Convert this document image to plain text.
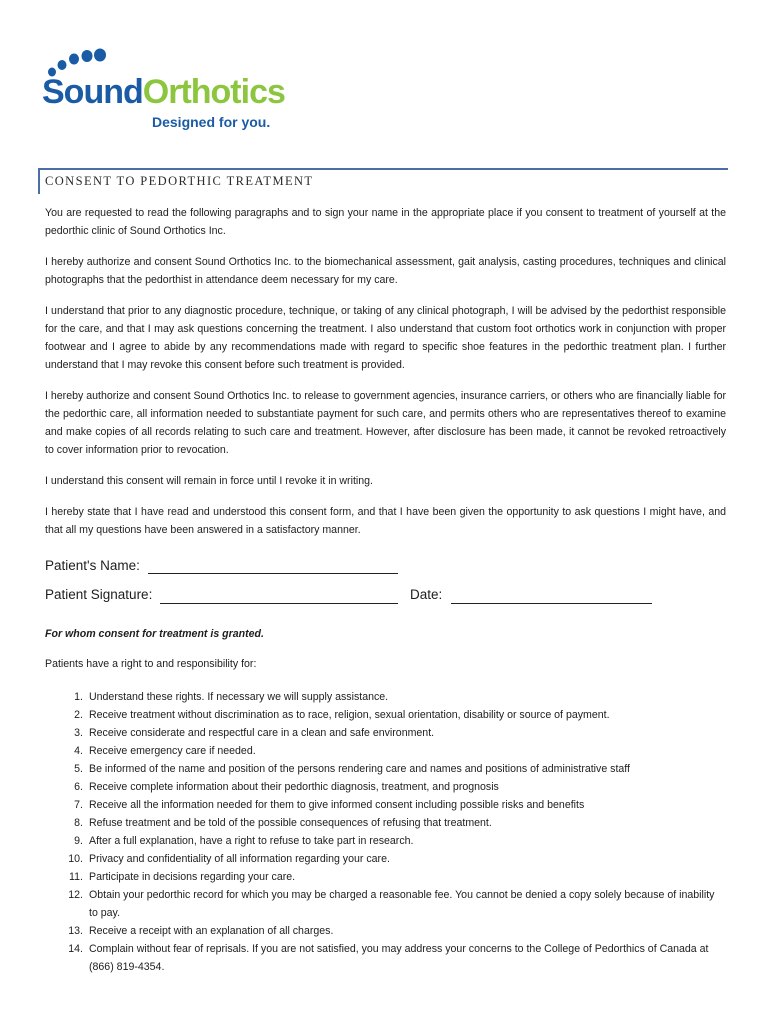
SoundOrthotics
Designed for you.
CONSENT TO PEDORTHIC TREATMENT

You are requested to read the following paragraphs and to sign your name in the appropriate place if you consent to treatment of yourself at the pedorthic clinic of Sound Orthotics Inc.

I hereby authorize and consent Sound Orthotics Inc. to the biomechanical assessment, gait analysis, casting procedures, techniques and clinical photographs that the pedorthist in attendance deem necessary for my care.

I understand that prior to any diagnostic procedure, technique, or taking of any clinical photograph, I will be advised by the pedorthist responsible for the care, and that I may ask questions concerning the treatment. I also understand that custom foot orthotics work in conjunction with proper footwear and I agree to abide by any recommendations made with regard to specific shoe features in the pedorthic treatment plan. I further understand that I may revoke this consent before such treatment is provided.

I hereby authorize and consent Sound Orthotics Inc. to release to government agencies, insurance carriers, or others who are financially liable for the pedorthic care, all information needed to substantiate payment for such care, and permits others who are representatives thereof to examine and make copies of all records relating to such care and treatment. However, after disclosure has been made, it cannot be revoked retroactively to cover information prior to revocation.

I understand this consent will remain in force until I revoke it in writing.

I hereby state that I have read and understood this consent form, and that I have been given the opportunity to ask questions I might have, and that all my questions have been answered in a satisfactory manner.

Patient's Name:
Patient Signature:	Date:
For whom consent for treatment is granted.
Patients have a right to and responsibility for:
1. Understand these rights. If necessary we will supply assistance.
2. Receive treatment without discrimination as to race, religion, sexual orientation, disability or source of payment.
3. Receive considerate and respectful care in a clean and safe environment.
4. Receive emergency care if needed.
5. Be informed of the name and position of the persons rendering care and names and positions of administrative staff
6. Receive complete information about their pedorthic diagnosis, treatment, and prognosis
7. Receive all the information needed for them to give informed consent including possible risks and benefits
8. Refuse treatment and be told of the possible consequences of refusing that treatment.
9. After a full explanation, have a right to refuse to take part in research.
10. Privacy and confidentiality of all information regarding your care.
11. Participate in decisions regarding your care.
12. Obtain your pedorthic record for which you may be charged a reasonable fee. You cannot be denied a copy solely because of inability to pay.
13. Receive a receipt with an explanation of all charges.
14. Complain without fear of reprisals. If you are not satisfied, you may address your concerns to the College of Pedorthics of Canada at (866) 819-4354.
